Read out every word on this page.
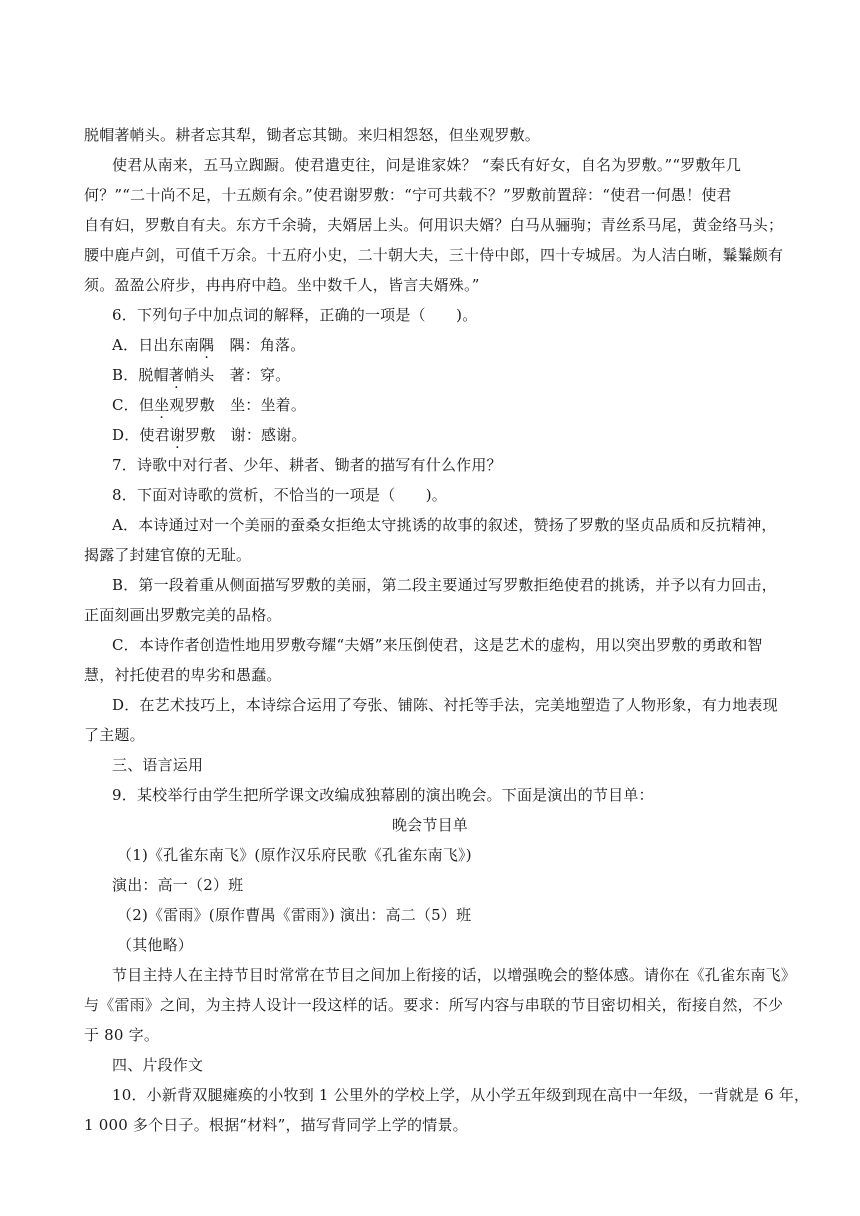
脱帽著帩头。耕者忘其犁，锄者忘其锄。来归相怨怒，但坐观罗敷。
使君从南来，五马立踟蹰。使君遣吏往，问是谁家姝？ “秦氏有好女，自名为罗敷。”“罗敷年几
何？”“二十尚不足，十五颇有余。”使君谢罗敷：“宁可共载不？”罗敷前置辞：“使君一何愚！使君
自有妇，罗敷自有夫。东方千余骑，夫婿居上头。何用识夫婿？白马从骊驹；青丝系马尾，黄金络马头；
腰中鹿卢剑，可值千万余。十五府小史，二十朝大夫，三十侍中郎，四十专城居。为人洁白晰，鬑鬑颇有
须。盈盈公府步，冉冉府中趋。坐中数千人，皆言夫婿殊。”
6．下列句子中加点词的解释，正确的一项是（　　)。
A．日出东南隅　隅：角落。
B．脱帽著帩头　著：穿。
C．但坐观罗敷　坐：坐着。
D．使君谢罗敷　谢：感谢。
7．诗歌中对行者、少年、耕者、锄者的描写有什么作用？
8．下面对诗歌的赏析，不恰当的一项是（　　)。
A．本诗通过对一个美丽的蚕桑女拒绝太守挑诱的故事的叙述，赞扬了罗敷的坚贞品质和反抗精神，
揭露了封建官僚的无耻。
B．第一段着重从侧面描写罗敷的美丽，第二段主要通过写罗敷拒绝使君的挑诱，并予以有力回击，
正面刻画出罗敷完美的品格。
C．本诗作者创造性地用罗敷夸耀“夫婿”来压倒使君，这是艺术的虚构，用以突出罗敷的勇敢和智
慧，衬托使君的卑劣和愚蠢。
D．在艺术技巧上，本诗综合运用了夸张、铺陈、衬托等手法，完美地塑造了人物形象，有力地表现
了主题。
三、语言运用
9．某校举行由学生把所学课文改编成独幕剧的演出晚会。下面是演出的节目单：
晚会节目单
（1)《孔雀东南飞》(原作汉乐府民歌《孔雀东南飞》)
演出：高一（2）班
（2)《雷雨》(原作曹禺《雷雨》) 演出：高二（5）班
（其他略）
节目主持人在主持节目时常常在节目之间加上衔接的话，以增强晚会的整体感。请你在《孔雀东南飞》
与《雷雨》之间，为主持人设计一段这样的话。要求：所写内容与串联的节目密切相关，衔接自然，不少
于 80 字。
四、片段作文
10．小新背双腿瘫痪的小牧到 1 公里外的学校上学，从小学五年级到现在高中一年级，一背就是 6 年，
1 000 多个日子。根据“材料”，描写背同学上学的情景。
